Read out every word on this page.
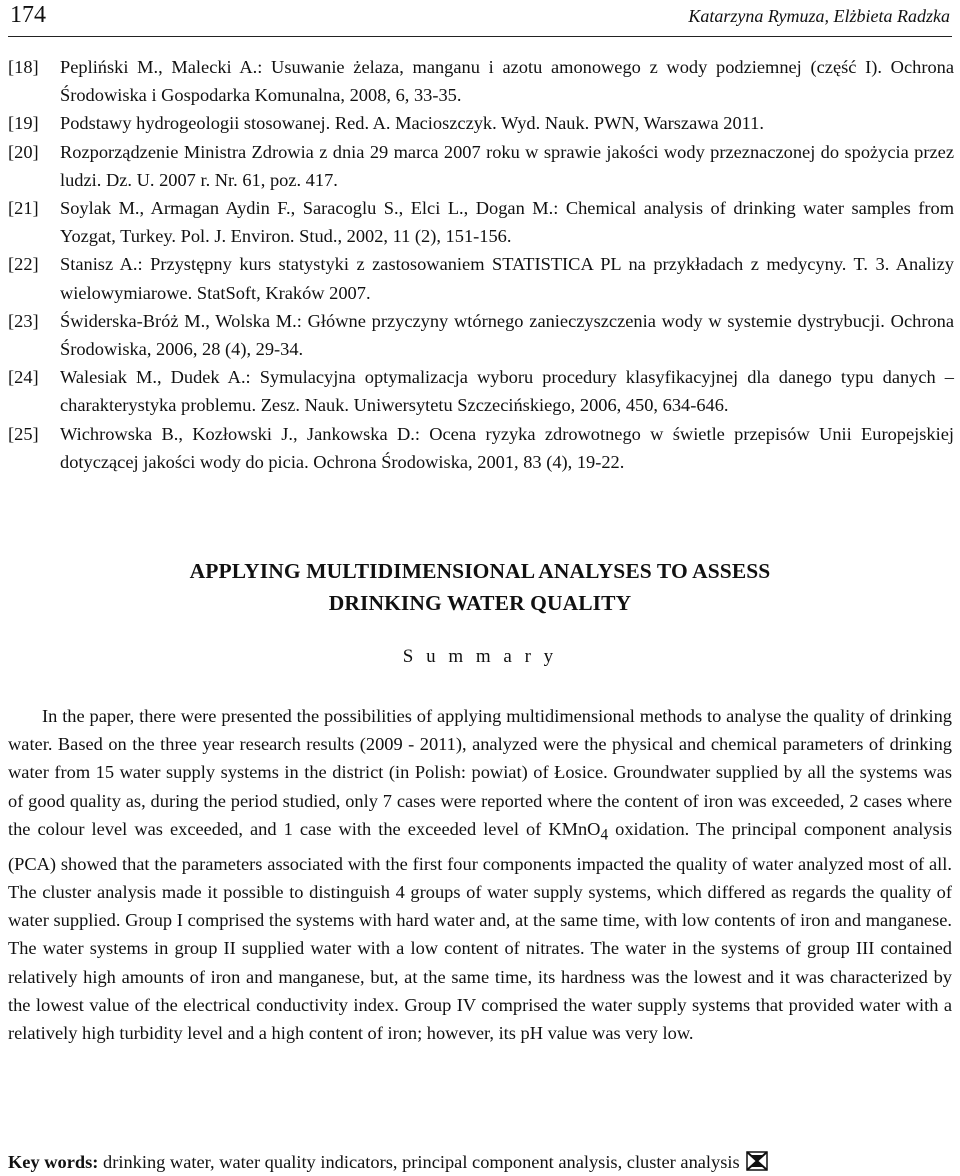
174	Katarzyna Rymuza, Elżbieta Radzka
[18]	Pepliński M., Malecki A.: Usuwanie żelaza, manganu i azotu amonowego z wody podziemnej (część I). Ochrona Środowiska i Gospodarka Komunalna, 2008, 6, 33-35.
[19]	Podstawy hydrogeologii stosowanej. Red. A. Macioszczyk. Wyd. Nauk. PWN, Warszawa 2011.
[20]	Rozporządzenie Ministra Zdrowia z dnia 29 marca 2007 roku w sprawie jakości wody przeznaczonej do spożycia przez ludzi. Dz. U. 2007 r. Nr. 61, poz. 417.
[21]	Soylak M., Armagan Aydin F., Saracoglu S., Elci L., Dogan M.: Chemical analysis of drinking water samples from Yozgat, Turkey. Pol. J. Environ. Stud., 2002, 11 (2), 151-156.
[22]	Stanisz A.: Przystępny kurs statystyki z zastosowaniem STATISTICA PL na przykładach z medycyny. T. 3. Analizy wielowymiarowe. StatSoft, Kraków 2007.
[23]	Świderska-Bróż M., Wolska M.: Główne przyczyny wtórnego zanieczyszczenia wody w systemie dystrybucji. Ochrona Środowiska, 2006, 28 (4), 29-34.
[24]	Walesiak M., Dudek A.: Symulacyjna optymalizacja wyboru procedury klasyfikacyjnej dla danego typu danych – charakterystyka problemu. Zesz. Nauk. Uniwersytetu Szczecińskiego, 2006, 450, 634-646.
[25]	Wichrowska B., Kozłowski J., Jankowska D.: Ocena ryzyka zdrowotnego w świetle przepisów Unii Europejskiej dotyczącej jakości wody do picia. Ochrona Środowiska, 2001, 83 (4), 19-22.
APPLYING MULTIDIMENSIONAL ANALYSES TO ASSESS
DRINKING WATER QUALITY
S u m m a r y

In the paper, there were presented the possibilities of applying multidimensional methods to analyse the quality of drinking water. Based on the three year research results (2009 - 2011), analyzed were the physical and chemical parameters of drinking water from 15 water supply systems in the district (in Polish: powiat) of Łosice. Groundwater supplied by all the systems was of good quality as, during the period studied, only 7 cases were reported where the content of iron was exceeded, 2 cases where the colour level was exceeded, and 1 case with the exceeded level of KMnO$_4$ oxidation. The principal component analysis (PCA) showed that the parameters associated with the first four components impacted the quality of water analyzed most of all. The cluster analysis made it possible to distinguish 4 groups of water supply systems, which differed as regards the quality of water supplied. Group I comprised the systems with hard water and, at the same time, with low contents of iron and manganese. The water systems in group II supplied water with a low content of nitrates. The water in the systems of group III contained relatively high amounts of iron and manganese, but, at the same time, its hardness was the lowest and it was characterized by the lowest value of the electrical conductivity index. Group IV comprised the water supply systems that provided water with a relatively high turbidity level and a high content of iron; however, its pH value was very low.

Key words: drinking water, water quality indicators, principal component analysis, cluster analysis
